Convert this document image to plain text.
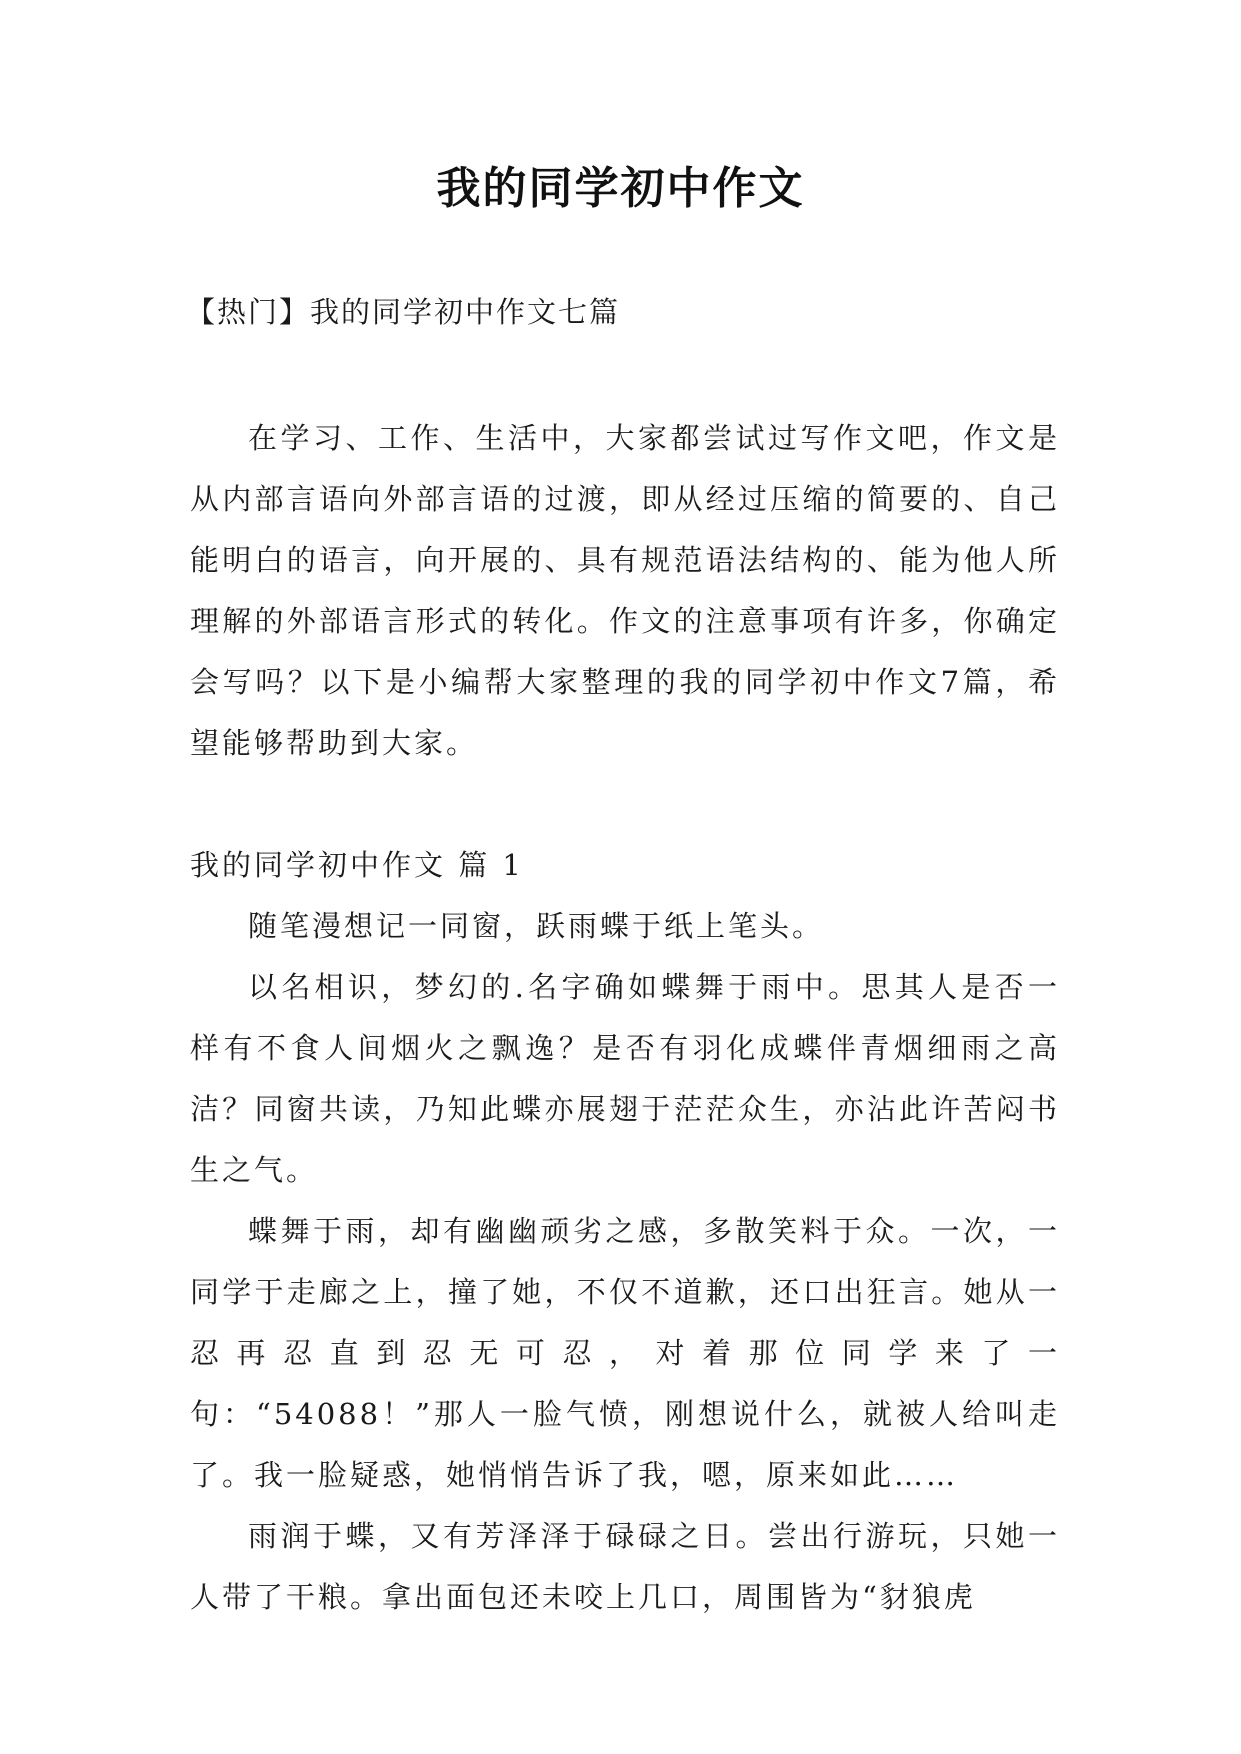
我的同学初中作文
【热门】我的同学初中作文七篇

在学习、工作、生活中，大家都尝试过写作文吧，作文是从内部言语向外部言语的过渡，即从经过压缩的简要的、自己能明白的语言，向开展的、具有规范语法结构的、能为他人所理解的外部语言形式的转化。作文的注意事项有许多，你确定会写吗？以下是小编帮大家整理的我的同学初中作文7篇，希望能够帮助到大家。

我的同学初中作文 篇 1

随笔漫想记一同窗，跃雨蝶于纸上笔头。

以名相识，梦幻的.名字确如蝶舞于雨中。思其人是否一样有不食人间烟火之飘逸？是否有羽化成蝶伴青烟细雨之高洁？同窗共读，乃知此蝶亦展翅于茫茫众生，亦沾此许苦闷书生之气。

蝶舞于雨，却有幽幽顽劣之感，多散笑料于众。一次，一同学于走廊之上，撞了她，不仅不道歉，还口出狂言。她从一忍再忍直到忍无可忍，对着那位同学来了一句：“54088！”那人一脸气愤，刚想说什么，就被人给叫走了。我一脸疑惑，她悄悄告诉了我，嗯，原来如此……

雨润于蝶，又有芳泽泽于碌碌之日。尝出行游玩，只她一人带了干粮。拿出面包还未咬上几口，周围皆为“豺狼虎
